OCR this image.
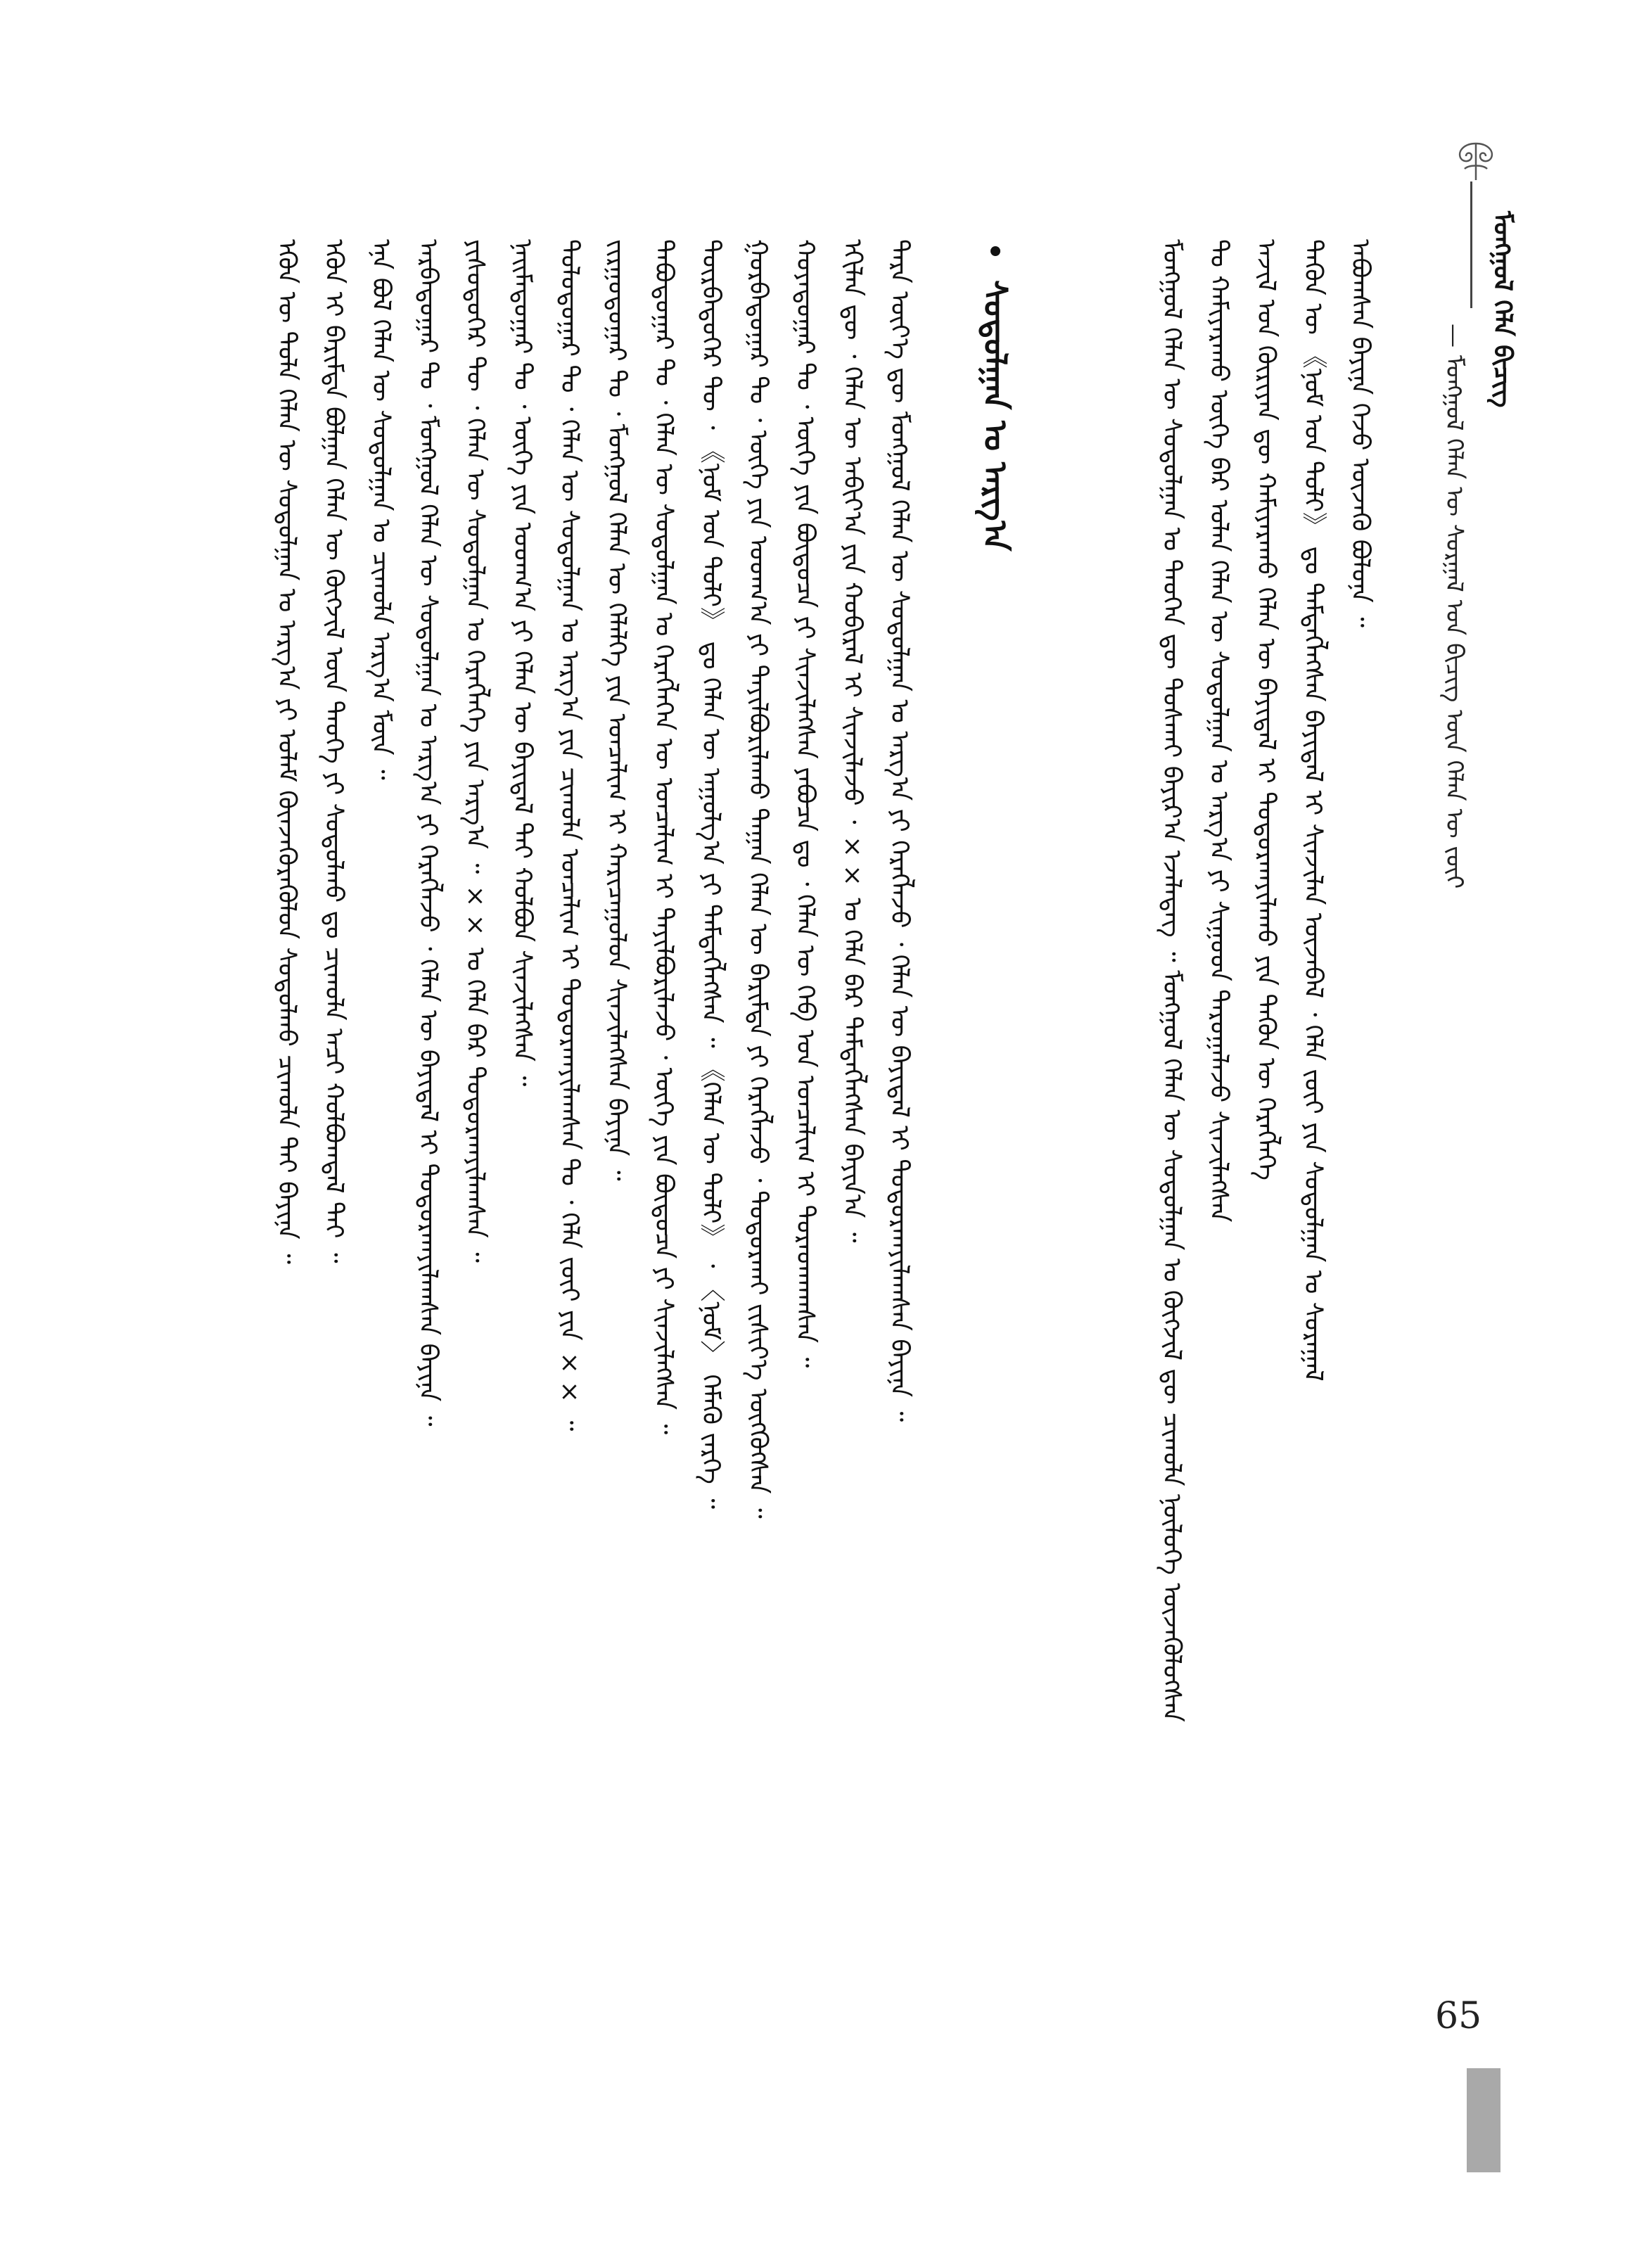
— ᠮᠣᠩᠭᠣᠯ ᠬᠡᠯᠡᠨ ᠦ ᠰᠤᠷᠭᠠᠯ ᠤᠨ ᠪᠢᠴᠢᠭ ᠦᠨ ᠬᠡᠯᠡᠨ ᠦ ᠵᠦᠢ
ᠮᠣᠩᠭᠣᠯ ᠬᠡᠯᠡ ᠪᠢᠴᠢᠭ
ᠠᠪᠤᠭᠰᠠᠨ ᠪᠠᠶᠢᠨᠠ ᠭᠡᠵᠦ ᠦᠵᠡᠬᠦ ᠪᠣᠯᠤᠨᠠ ᠃
ᠲᠡᠭᠦᠨ ᠦ 《ᠨᠣᠮ ᠤᠨ ᠲᠣᠯᠢ》 ᠳᠤ ᠲᠡᠮᠳᠡᠭᠯᠡᠭᠰᠡᠨ ᠪᠠᠶᠢᠳᠠᠯ ᠢ ᠰᠢᠨᠵᠢᠯᠡᠨ ᠦᠵᠡᠪᠡᠯ ᠂ ᠬᠡᠯᠡ ᠵᠦᠢ ᠶᠢᠨ ᠰᠤᠳᠤᠯᠭᠠᠨ ᠤ ᠰᠤᠷᠠᠭᠠᠯ
ᠠᠵᠢᠯ ᠤᠨ ᠬᠦᠷᠢᠶᠡᠨ ᠳᠦ ᠬᠠᠮᠢᠶᠠᠷᠠᠬᠤ ᠬᠡᠯᠡᠨ ᠦ ᠪᠠᠶᠢᠳᠠᠯ ᠢ ᠲᠣᠳᠣᠷᠬᠠᠶᠢᠯᠠᠬᠤ ᠶᠢᠨ ᠲᠡᠭᠦᠨ ᠦ ᠬᠡᠷᠡᠭᠯᠡᠭᠡ
ᠲᠤ ᠬᠠᠮᠢᠶᠠᠷᠠᠬᠤ ᠦᠬᠡ ᠪᠡᠷ ᠣᠯᠠᠨ ᠬᠡᠯᠡᠨ ᠦ ᠰᠤᠳᠤᠯᠭᠠᠨ ᠤ ᠠᠷᠭ᠎ᠠ ᠶᠢ ᠰᠢᠭᠤᠳ ᠳᠠᠷᠤᠭᠠᠯᠠᠵᠤ ᠰᠢᠨᠵᠢᠯᠡᠭᠰᠡᠨ
ᠮᠣᠩᠭᠣᠯ ᠬᠡᠯᠡᠨ ᠦ ᠰᠤᠳᠤᠯᠭᠠᠨ ᠤ ᠲᠡᠦᠬᠡᠨ ᠳᠦ ᠲᠤᠰᠬᠠᠢ ᠪᠠᠶᠢᠷ᠎ᠠ ᠡᠵᠡᠯᠡᠳᠡᠭ ᠃ ᠮᠣᠩᠭᠣᠯ ᠬᠡᠯᠡᠨ ᠦ ᠰᠤᠳᠤᠯᠭᠠᠨ ᠤ ᠬᠥᠭᠵᠢᠯ ᠳᠦ ᠴᠢᠬᠤᠯᠠ ᠨᠥᠯᠦᠭᠡ ᠦᠵᠡᠭᠦᠯᠦᠭᠰᠡᠨ
ᠰᠤᠳᠤᠯᠭᠠᠨ ᠤ ᠠᠷᠭ᠎ᠠ
ᠲᠡᠷᠡ ᠦᠶ᠎ᠡ ᠳᠦ ᠮᠣᠩᠭᠣᠯ ᠬᠡᠯᠡᠨ ᠦ ᠰᠤᠳᠤᠯᠭᠠᠨ ᠤ ᠠᠷᠭ᠎ᠠ ᠶᠢ ᠬᠡᠷᠡᠭᠯᠡᠵᠦ ᠂ ᠬᠡᠯᠡᠨ ᠦ ᠪᠠᠶᠢᠳᠠᠯ ᠢ ᠲᠣᠳᠣᠷᠬᠠᠶᠢᠯᠠᠭᠰᠠᠨ ᠪᠠᠶᠢᠨᠠ ᠃
ᠡᠬᠢᠯᠡᠨ ᠳᠦ ᠂ ᠬᠡᠯᠡᠨ ᠦ ᠠᠪᠢᠶ᠎ᠠ ᠶᠢᠨ ᠬᠤᠪᠢᠷᠠᠯ ᠢ ᠰᠢᠨᠵᠢᠯᠡᠵᠦ ᠂ ×× ᠤ ᠬᠡᠯᠡ ᠪᠡᠷ ᠲᠡᠮᠳᠡᠭᠯᠡᠭᠰᠡᠨ ᠪᠠᠶᠢᠨ᠎ᠠ ᠃
ᠬᠣᠶᠠᠳᠤᠭᠠᠷ ᠲᠤ ᠂ ᠦᠭᠡ ᠶᠢᠨ ᠪᠦᠲᠦᠴᠡ ᠶᠢ ᠰᠢᠨᠵᠢᠯᠡᠭᠰᠡᠨ ᠶᠠᠪᠤᠴᠠ ᠳᠤ ᠂ ᠬᠡᠯᠡᠨ ᠦ ᠬᠡᠪ ᠤᠨ ᠣᠨᠴᠠᠯᠢᠭ ᠢ ᠳᠤᠷᠠᠳᠬᠠᠭᠰᠠᠨ ᠃
ᠭᠤᠷᠪᠠᠳᠤᠭᠠᠷ ᠲᠤ ᠂ ᠦᠭᠡ ᠶᠢᠨ ᠤᠳᠬ᠎ᠠ ᠶᠢ ᠲᠠᠶᠢᠯᠪᠤᠷᠢᠯᠠᠬᠤ ᠳᠠᠭᠠᠨ ᠬᠡᠯᠡᠨ ᠦ ᠪᠠᠷᠢᠮᠲᠠ ᠶᠢ ᠬᠡᠷᠡᠭᠯᠡᠵᠦ ᠂ ᠲᠣᠳᠣᠷᠬᠠᠶ ᠵᠢᠱᠢᠶ᠎ᠡ ᠥᠭᠭᠦᠭᠰᠡᠨ ᠃
ᠳᠥᠷᠪᠡᠳᠦᠭᠡᠷ ᠲᠦ ᠂ 《ᠨᠣᠮ ᠤᠨ ᠲᠣᠯᠢ》 ᠳᠤ ᠬᠡᠯᠡᠨ ᠦ ᠠᠭᠤᠯᠭ᠎ᠠ ᠶᠢ ᠲᠡᠮᠳᠡᠭᠯᠡᠭᠰᠡᠨ ᠃ 《ᠬᠡᠯᠡᠨ ᠦ ᠲᠣᠯᠢ》 ᠂ 〈ᠨᠣᠮ〉 ᠬᠡᠮᠡᠬᠦ ᠵᠡᠷᠭᠡ ᠃
ᠲᠠᠪᠤᠳᠤᠭᠠᠷ ᠲᠤ ᠂ ᠬᠡᠯᠡᠨ ᠦ ᠰᠤᠳᠤᠯᠭᠠᠨ ᠤ ᠬᠡᠷᠡᠭᠯᠡᠭᠡᠨ ᠦ ᠣᠨᠴᠠᠯᠢᠭ ᠢ ᠲᠠᠶᠢᠯᠪᠤᠷᠢᠯᠠᠵᠤ ᠂ ᠦᠭᠡ ᠶᠢᠨ ᠪᠦᠲᠦᠴᠡ ᠶᠢ ᠰᠢᠨᠵᠢᠯᠡᠭᠰᠡᠨ ᠃
ᠵᠢᠷᠭᠤᠳᠤᠭᠠᠷ ᠲᠤ ᠂ ᠮᠣᠩᠭᠣᠯ ᠬᠡᠯᠡᠨ ᠦ ᠬᠡᠯᠡᠯᠭᠡ ᠶᠢᠨ ᠣᠨᠴᠠᠯᠢᠭ ᠢ ᠬᠠᠷᠢᠴᠠᠭᠤᠯᠤᠨ ᠰᠢᠨᠵᠢᠯᠡᠭᠰᠡᠨ ᠪᠠᠶᠢᠨᠠ ᠃
ᠳᠣᠯᠣᠳᠤᠭᠠᠷ ᠲᠤ ᠂ ᠬᠡᠯᠡᠨ ᠦ ᠰᠤᠳᠤᠯᠭᠠᠨ ᠤ ᠠᠷᠭ᠎ᠠ ᠶᠢᠨ ᠴᠢᠬᠤᠯᠠ ᠣᠨᠴᠠᠯᠢᠭ ᠢ ᠲᠣᠳᠣᠷᠬᠠᠶᠢᠯᠠᠭᠰᠠᠨ ᠲᠤ ᠂ ᠬᠡᠯᠡ ᠵᠦᠢ ᠶᠢᠨ ×× ᠃
ᠨᠠᠢᠮᠠᠳᠤᠭᠠᠷ ᠲᠤ ᠂ ᠦᠭᠡ ᠶᠢᠨ ᠤᠳᠬ᠎ᠠ ᠶᠢ ᠬᠡᠯᠡᠨ ᠦ ᠪᠠᠶᠢᠳᠠᠯ ᠲᠠᠢ ᠬᠣᠯᠪᠣᠨ ᠰᠢᠨᠵᠢᠯᠡᠭᠰᠡᠨ ᠃
ᠶᠢᠰᠦᠳᠦᠭᠡᠷ ᠲᠦ ᠂ ᠬᠡᠯᠡᠨ ᠦ ᠰᠤᠳᠤᠯᠭᠠᠨ ᠤ ᠬᠡᠷᠡᠭᠯᠡᠭᠡ ᠶᠢᠨ ᠠᠷᠭ᠎ᠠ ᠃ ×× ᠤ ᠬᠡᠯᠡ ᠪᠡᠷ ᠲᠣᠳᠣᠷᠬᠠᠶᠢᠯᠠᠭᠰᠠᠨ ᠃
ᠠᠷᠪᠠᠳᠤᠭᠠᠷ ᠲᠤ ᠂ ᠮᠣᠩᠭᠣᠯ ᠬᠡᠯᠡᠨ ᠦ ᠰᠤᠳᠤᠯᠭᠠᠨ ᠤ ᠠᠷᠭ᠎ᠠ ᠶᠢ ᠬᠡᠷᠡᠭᠯᠡᠵᠦ ᠂ ᠬᠡᠯᠡᠨ ᠦ ᠪᠠᠶᠢᠳᠠᠯ ᠢ ᠲᠣᠳᠣᠷᠬᠠᠶᠢᠯᠠᠭᠰᠠᠨ ᠪᠠᠶᠢᠨᠠ ᠃
ᠡᠨᠡ ᠪᠣᠯ ᠬᠡᠯᠡᠨ ᠦ ᠰᠤᠳᠤᠯᠭᠠᠨ ᠤ ᠴᠢᠬᠤᠯᠠ ᠠᠷᠭ᠎ᠠ ᠮᠥᠨ ᠃
ᠡᠭᠦᠨ ᠢ ᠪᠠᠷᠢᠮᠲᠠ ᠪᠣᠯᠭᠠᠨ ᠬᠡᠯᠡᠨ ᠦ ᠬᠥᠭᠵᠢᠯ ᠦᠨ ᠲᠡᠦᠬᠡ ᠶᠢ ᠰᠤᠳᠤᠯᠬᠤ ᠳᠤ ᠴᠢᠬᠤᠯᠠ ᠠᠴᠢ ᠬᠣᠯᠪᠣᠭᠳᠠᠯ ᠲᠠᠢ ᠃
ᠡᠭᠦᠨ ᠦ ᠲᠤᠯᠠ ᠬᠡᠯᠡᠨ ᠦ ᠰᠤᠳᠤᠯᠭᠠᠨ ᠤ ᠠᠷᠭ᠎ᠠ ᠶᠢ ᠤᠯᠠᠮ ᠭᠦᠨᠵᠡᠭᠦᠷᠡᠭᠦᠯᠦᠨ ᠰᠤᠳᠤᠯᠬᠤ ᠴᠢᠬᠤᠯᠠ ᠲᠠᠢ ᠪᠠᠶᠢᠨᠠ ᠃
65
